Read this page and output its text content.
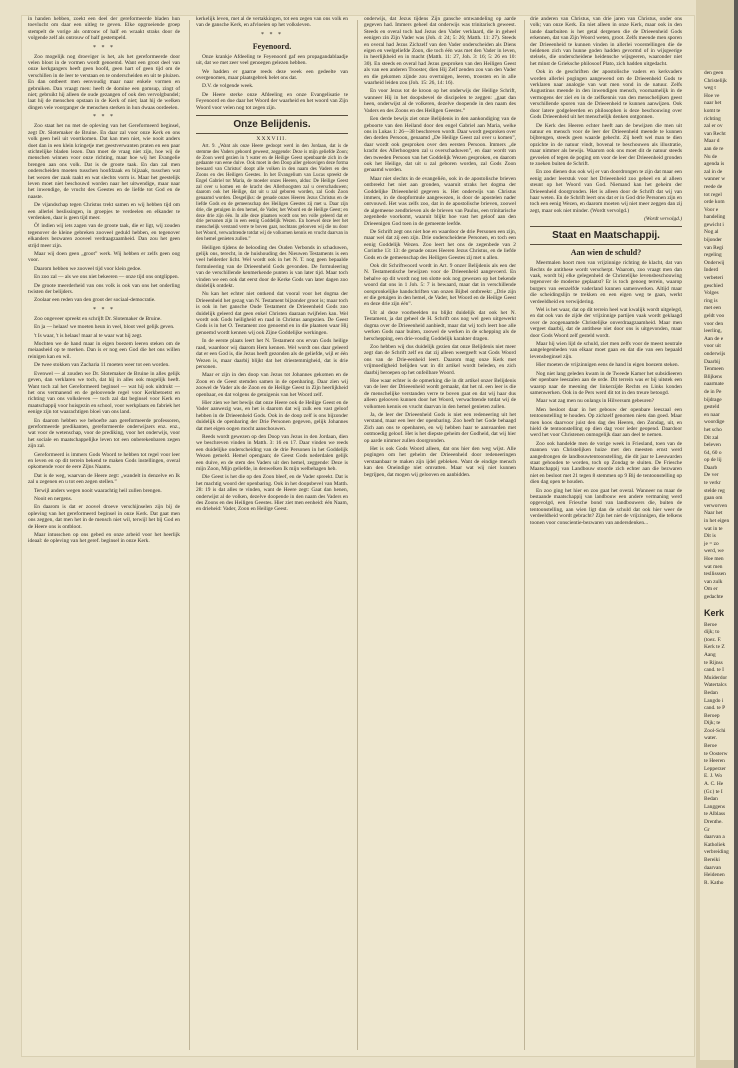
in handen hebben, zoekt een deel der gereformeerde bladen hun toevlucht om daar een uitleg te geven. Elke opgroeiende groep stempelt de vorige als ontrouw of half en wraakt straks door de volgende zelf als ontrouw of half gestempeld.

* * *

Zoo mogelijk nog droeviger is het, als het gereformeerde door velen bloot in de vormen wordt genoemd. Want een groot deel van onze kerkgangers heeft geen hoofd, geen hart of geen tijd om de verschillen in de leer te verstaan en te onderscheiden en uit te pluizen. En dan ontbeert men eenvoudig maar naar enkele vormen en gebruiken. Dan vraagt men: heeft de domine een gomsup, zingt of niet; gebruikt hij alleen de oude gezangen of ook den vervolgbundel; laat hij de menschen opstaan in de Kerk of niet; laat hij de welken dingen vele voorganger de menschen sterken in hun dwaas oordeelen.

* * *

Zoo staat het nu met de opleving van het Gereformeerd beginsel, zegt Dr. Slotemaker de Bruine. En daar zal voor onze Kerk en ons volk geen heil uit voortkomen. Dat kan men niet, wie nooit anders doet dan in een klein kringetje met geestverwanten praten en een paar stichtelijke bladen lezen. Dan moet de vraag niet zijn, hoe wij de menschen winnen voor onze richting, maar hoe wij het Evangelie brengen aan ons volk. Dat is de groote taak. En dan zal men onderscheiden moeten tusschen hoofdzaak en bijzaak, tusschen wat het wezen der zaak raakt en wat slechts vorm is. Maar het geestelijk leven moet niet beschouwd worden naar het uitwendige, maar naar het inwendige, de vrucht des Geestes en de liefde tot God en de naaste.

De vijandschap tegen Christus trekt samen en wij hebben tijd om een allerlei beslissingen, in groepjes te verdeelen en elkander te verdenken, daar is geen tijd meer.

Ö! indien wij iets zagen van de groote taak, die er ligt, wij zouden tegenover de kleine gebreken zooveel geduld hebben, en tegenover elkanders bezwaren zooveel verdraagzaamheid. Dan zou het geen strijd meer zijn.

Maar wij doen geen „groot” werk. Wij hebben er zelfs geen oog voor.

Daarom hebben we zooveel tijd voor klein gedoe.

En zoo zal — als we ons niet bekeeren — onze tijd ons ontglippen.

De groote meerderheid van ons volk is ook van ons het onderling twisten der belijders.

Zoolaar een reden van den groot der sociaal-democratie.

* * *

Zoo ongeveer spreekt en schrijft Dr. Slotemaker de Bruine.

En ja — helaas! we moeten heun in veel, bloot veel gelijk geven.

't Is waar, 't is helaas! maar al te waar wat hij zegt.

Mochten we de hand maar in eigen boezem leeren steken om de meiaasheid op te merken. Dan is er nog een God die het ons willen reinigen kan en wil.

De twee stokken van Zacharia 11 moeten weer tot een worden.

Evenwel — al zouden we Dr. Slotemaker de Bruine in alles gelijk geven, dan verklaren we toch, dat hij in alles ook mogelijk heeft. Want toch zal het Gereformeerd beginsel — wat hij ook uitdrukt — het ons vermanend en de geloovende regel voor Kerkbetoetst en richting van ons volksleven — toch zal dat beginsel voor Kerk en maatschappij voor huisgezin en school, voor werkplaats en fabriek het eenige zijn tot waarachtigen bloei van ons land.

En daarom hebben we behoefte aan gereformeerde professoren, gereformeerde predikanten, gereformeerde onderwijzers enz. enz., wat voor de wetenschap, voor de prediking, voor het onderwijs, voor het sociale en maatschappelijke leven tot een onberekenbaren zegen zijn zal.

Gereformeerd is immers Gods Woord te hebben tot regel voor leer en leven en op dit terrein bekend te maken Gods instellingen, overal opkomende voor de eere Zijns Naams.

Dat is de weg, waarvan de Heere zegt: „wandelt in denzelve en Ik zal u zegenen en u tot een zegen stellen.”

Terwijl anders wegen nooit waarachtig heil zullen brengen.

Nooit en nergens.

En daarom is dat er zoovel droeve verschijnselen zijn bij de opleving van het gereformeerd beginsel in onze Kerk. Dat gaat men ons zeggen, dat men het in de mensch niet wil, terwijl het bij God en de Heere ons is ontbloot.

Maar intusschen op ons gebed en onze arbeid voor het heerlijk ideaal: de opleving van het geref. beginsel in onze Kerk.

kerkelijk leven, met al de vertakkingen, tot een zegen van ons volk en van de gansche Kerk, en afvloeien op het volksleven.

* * *
Feyenoord.

Onze krankje Afdeeling te Feyenoord gaf een propagandablaadje uit, dat we met zeer veel genoegen gelezen hebben.

We hadden er gaarne reeds deze week een gedeelte van overgenomen, maar plaatsgebrek belet ons dat.

D.V. de volgende week.

De Heere sterke onze Afdeeling en onze Evangelisatie te Feyenoord en doe daar het Woord der waarheid en het woord van Zijn Woord voor velen nog tot zegen zijn.

Onze Belijdenis.
XXXVIII.

Art. 9. „Want als onze Heere gedoopt werd in den Jordaan, dat is de stemme des Vaders gehoord geweest, zeggende: Deze is mijn geliefde Zoon; de Zoon werd gezien in 't water en de Heilige Geest openbaarde zich in de gedaante van eene duive. Ook moet in den Doop aller geloovigen deze forma bewaard van Christus' doopt alle volken in den naam des Vaders en des Zoons en des Heiligen Geestes. In het Evangelium van Lucas spreekt de Engel Gabriel tot Maria, de moeder onzes Heeren, aldus: De Heilige Geest zal over u komen en de kracht des Allerhoogsten zal u overschaduwen; daarom ook het Heilige, dat uit u zal geboren worden, zal Gods Zoon genaamd worden. Desgelijks: de genade onzes Heeren Jezus Christus en de liefde Gods en de gemeenschap des Heiligen Geestes zij met u. Daar zijn drie, die getuigen in den hemel, de Vader, het Woord en de Heilige Geest; en deze drie zijn één. In alle deze plaatsen wordt ons ten volle geleerd dat er drie personen zijn in een eenig Goddelijk Wezen. En hoewel deze leer het menschelijk verstand verre te boven gaat, nochtans gelooven wij die nu door het Woord, verwachtende totdat wij de volkomen kennis en vrucht daarvan in den hemel genieten zullen.”

Heiligen tijdens de belooding des Ouden Verbonds in schaduwen, gelijk ons, terecht, in de huishouding des Nieuwen Testaments is een veel helderder licht. Wel wordt ook in het N. T. nog geen bepaalde formuleering van de Drieeenheid Gods gevonden. De formuleering van de verschillende kenmerkende punten is van later tijd. Maar toch vinden we een ook dat eerst door de Kerke Gods van later dagen zoo duidelijk ontdekt.

Nu kan het echter niet ontkend dat vooral voor het dogma der Drieeenheid het gezag van N. Testament bijzonder groot is; maar toch is ook in het gansche Oude Testament de Drieeenheid Gods zoo duidelijk geleerd dat geen enkel Christen daaraan twijfelen kan. Wel wordt ook Gods heiligheid en raad in Christus aangezien. De Geest Gods is in het O. Testament zoo genoemd en in die plaatsen waar Hij genoemd wordt kennen wij ook Zijne Goddelijke werkingen.

In de eerste plaats leert het N. Testament ons ervan Gods heilige raad, waardoor wij daarom Hem kennen. Wel wordt ons daar geleerd dat er een God is, die Jezus heeft gezonden als de geliefde, wijl er één Wezen is, maar daarbij blijkt dat het driestemmigheid, dat is drie personen.

Maar er zijn in den doop van Jezus tot Johannes gekomen en de Zoon en de Geest stemden samen in de openbaring. Daar zien wij zoowel de Vader als de Zoon en de Heilige Geest in Zijn heerlijkheid openbaar, en dat volgens de getuigenis van het Woord zelf.

Hier zien we het bewijs dat onze Heere ook de Heilige Geest en de Vader aanwezig was, en het is daarom dat wij zulk een vast geloof hebben in de Drieeenheid Gods. Ook in de doop zelf is ons bijzonder duidelijk de openbaring der Drie Personen gegeven, gelijk Johannes dat met eigen oogen mocht aanschouwen.

Reeds wordt gewezen op den Doop van Jezus in den Jordaan, dien we beschreven vinden in Matth. 3: 16 en 17. Daar vinden we reeds een duidelijke onderscheiding van de drie Personen in het Goddelijk Wezen gemeld. Hemel opengaan; de Geest Gods nederdalen gelijk een duive, en de stem des Vaders uit den hemel, zeggende: Deze is mijn Zoon, Mijn geliefde, in denwelken Ik mijn welbehagen heb.

Die Geest is het die op den Zoon bleef, en de Vader spreekt. Dat is het machtig woord der openbaring. Ook in het doopsbevel van Matth. 28: 19 is dat alles te vinden, want de Heere zegt: Gaat dan henen, onderwijst al de volken, dezelve doopende in den naam des Vaders en des Zoons en des Heiligen Geestes. Hier ziet men eenheid: één Naam, en drieheid: Vader, Zoon en Heilige Geest.

onderwijs, dat Jezus tijdens Zijn gansche omwandeling op aarde gegeven had. Immers geheel dat onderwijs was trinitarisch geweest. Steeds en overal toch had Jezus den Vader verklaard, die in geheel eenigen zin Zijn Vader was (Joh. 4: 24; 5: 26; Matth. 11: 27). Steeds en overal had Jezus Zichzelf van den Vader onderscheiden als Diens eigen en veelgeliefde Zoon, die toch één was met den Vader in leven, in heerlijkheid en in macht (Matth. 11: 27, Joh. 3: 16; 5: 26 en 10: 30). En steeds en overal had Jezus gesproken van den Heiligen Geest als van een anderen Trooster, dien Hij Zelf zenden zou van den Vader en die gekomen zijnde zou overtuigen, leeren, troosten en in alle waarheid leiden zou (Joh. 15: 26, 14: 16).

En voor Jezus tot de kroon op het onderwijs der Heilige Schrift, wanneer Hij in het doopsbevel de discipelen te zeggen: „gaat dan heen, onderwijst al de volkeren, dezelve doopende in den naam des Vaders en des Zoons en des Heiligen Geestes.”

Een derde bewijs ziet onze Belijdenis in den aankondiging van de geboorte van den Heiland door den engel Gabriel aan Maria, welke ons in Lukas 1: 26—38 beschreven wordt. Daar wordt gesproken over den derden Persoon, genaamd „De Heilige Geest zal over u komen”, daar wordt ook gesproken over den eersten Persoon. Immers „de kracht des Allerhoogsten zal u overschaduwen”, en daar wordt van den tweeden Persoon van het Goddelijk Wezen gesproken, en daarom ook het Heilige, dat uit u zal geboren worden, zal Gods Zoon genaamd worden.

Maar niet slechts in de evangeliën, ook in de apostolische brieven ontbreekt het niet aan gronden, waaruit straks het dogma der Goddelijke Drieeenheid gegeven is. Het onderwijs van Christus immers, in de doopformule aangewezen, is door de apostelen nader ontvouwd. Het was zelfs zoo, dat in de apostolische brieven, zoowel de algemeene zendbrieven als de brieven van Paulus, een trinitarische zegenbede voorkomt, waaruit blijkt hoe vast het geloof aan den Drieeenigen God toen in de gemeente leefde.

De Schrift zegt ons niet hoe en waardoor de drie Personen een zijn, maar wel dat zij een zijn. Drie onderscheidene Personen, en toch een eenig Goddelijk Wezen. Zoo leert het ons de zegenbede van 2 Corinthe 13: 13: de genade onzes Heeren Jezus Christus, en de liefde Gods en de gemeenschap des Heiligen Geestes zij met u allen.

Ook dit Schriftwoord wordt in Art. 9 onzer Belijdenis als een der N. Testamentische bewijzen voor de Drieeenheid aangevoerd. En behalve op dit wordt nog ten slotte ook nog gewezen op het bekende woord dat ons in 1 Joh. 5: 7 is bewaard, maar dat in verschillende oorspronkelijke handschriften van onzen Bijbel ontbreekt: „Drie zijn er die getuigen in den hemel, de Vader, het Woord en de Heilige Geest en deze drie zijn één”.

Uit al deze voorbeelden nu blijkt duidelijk dat ook het N. Testament, ja dat geheel de H. Schrift ons nog wel geen uitgewerkt dogma over de Drieeenheid aanbiedt, maar dat wij toch leert hoe alle werken Gods naar buiten, zoowel de werken in de schepping als de herschepping, een drie-voudig Goddelijk karakter dragen.

Zoo hebben wij dus duidelijk gezien dat onze Belijdenis niet meer zegt dan de Schrift zelf en dat zij alleen weergeeft wat Gods Woord ons van de Drie-eenheid leert. Daarom mag onze Kerk met vrijmoedigheid belijden wat in dit artikel wordt beleden, en zich daarbij beroepen op het onfeilbare Woord.

Hoe waar echter is de opmerking die in dit artikel onzer Belijdenis van de leer der Drieeenheid wordt gemaakt, dat het nl. een leer is die de menschelijke verstanden verre te boven gaat en dat wij haar dus alleen gelooven kunnen door het Woord, verwachtende totdat wij de volkomen kennis en vrucht daarvan in den hemel genieten zullen.

Ja, de leer der Drieeenheid Gods is niet een redeneering uit het verstand, maar een leer der openbaring. Zoo heeft het Gode behaagd Zich aan ons te openbaren, en wij hebben haar te aanvaarden met ootmoedig geloof. Het is het diepste geheim der Godheid, dat wij hier op aarde nimmer zullen doorgronden.

Het is ook Gods Woord alleen, dat ons hier den weg wijst. Alle pogingen om het geheim der Drieeenheid door redeneeringen verstaanbaar te maken zijn ijdel gebleken. Want de eindige mensch kan den Oneindige niet omvatten. Maar wat wij niet kunnen begrijpen, dat mogen wij gelooven en aanbidden.

drie anderen van Christus, van drie jaren van Christus, onder ons volk; van onze Kerk. En niet alleen in onze Kerk, maar ook in den lande daarbuiten is het getal dergenen die de Drieeenheid Gods erkennen, dat van Zijn Woord weten, groot. Zelfs meende men sporen der Drieeenheid te kunnen vinden in allerlei voorstellingen die de heidenen zich van hunne goden hadden gevormd of in wijsgeerige stelsels, die onderscheidene heidensche wijsgeeren, waaronder niet het minst de Grieksche philosoof Plato, zich hadden uitgedacht.

Ook in de geschriften der apostolische vaders en kerkvaders worden allerlei pogingen aangewend om de Drieeenheid Gods te verklaren naar analogie van wat men vond in de natuur. Zelfs Augustinus meende in den inwendigen mensch, voornamelijk in de vermogens der ziel en in de zelfkennis van den menschelijken geest verschillende sporen van de Drieeenheid te kunnen aanwijzen. Ook door latere godgeleerden en philosophen is deze beschouwing over Gods Drieeenheid uit het menschelijk denken ontgonnen.

De Kerk des Heeren echter heeft aan de bewijzen die men uit natuur en mensch voor de leer der Drieeenheid meende te kunnen bijbrengen, steeds geen waarde gehecht. Zij heeft wel man te dien opzichte in de natuur vindt, bovenal te beschouwen als illustratie, maar nimmer als bewijs. Waarom ook ons moet dit de natuur steeds gevoelen of tegen de poging om voor de leer der Drieeenheid gronden te zoeken buiten de Schrift.

En zoo dienen dus ook wij er van doordrongen te zijn dat maar een eenig ander leerstuk voor het Drieeenheid zoo geheel en al alleen steunt op het Woord van God. Niemand kan het geheim der Drieeenheid doorgronden. Het is alleen door de Schrift dat wij van haar weten. En de Schrift leert ons dat er in God drie Personen zijn en toch een eenig Wezen, en daarom moeten wij niet meer zeggen dan zij zegt, maar ook niet minder. (Wordt vervolgd.)

(Wordt vervolgd.)
Staat en Maatschappij.
Aan wien de schuld?

Meermalen hoort men van vrijzinnige richting de klacht, dat van Rechts de antithese wordt verscherpt. Waarom, zoo vraagt men dan vaak, wordt bij elke gelegenheid de Christelijke levensbeschouwing tegenover de moderne geplaatst? Er is toch genoeg terrein, waarop burgers van eenzelfde vaderland kunnen samenwerken. Altijd maar die scheidingslijn te trekken en een eigen weg te gaan, werkt verdeeldheid en verwijdering.

Wel is het waar, dat op dit terrein heel wat kwalijk wordt uitgelegd, en dat ook van de zijde der vrijzinnige partijen vaak wordt geklaagd over de zoogenaamde Christelijke onverdraagzaamheid. Maar men vergeet daarbij, dat de antithese niet door ons is uitgevonden, maar door Gods Woord zelf gesteld wordt.

Maar hij wien lijd de schuld, ziet men zelfs voor de meest neutrale aangelegenheden van elkaar moet gaan en dat die van een bepaald levensbeginsel zijn.

Hier moeten de vrijzinnigen eens de hand in eigen boezem steken.

Nog niet lang geleden kwam in de Tweede Kamer het subsidieeren der openbare leeszalen aan de orde. Dit terrein was er bij uitstek een waarop naar de meening der linkerzijde Rechts en Links konden samenwerken. Ook in de Pers werd dit tot in den treure betoogd.

Maar wat zag men nu onlangs in Hilversum gebeuren?

Men besloot daar in het gebouw der openbare leeszaal een tentoonstelling te houden. Op zichzelf genomen niets dan goed. Maar men koos daarvoor juist den dag des Heeren, den Zondag, uit, en hield de tentoonstelling op dien dag voor ieder geopend. Daardoor werd het voor Christenen onmogelijk daar aan deel te nemen.

Zoo ook handelde men de vorige week in Friesland, toen van de mannen van Christelijken huize met den meesten ernst werd aangedrongen de landbouwtentoonstelling, die dit jaar te Leeuwarden staat gehouden te worden, toch op Zondag te sluiten. De Friesche Maatschappij van Landbouw stoorde zich echter aan die bezwaren niet en besloot met 21 tegen 8 stemmen op 9 Bij de tentoonstelling op dien dag open te houden.

En zoo ging het hier en zoo gaat het overal. Wanneer nu maar de bestaande maatschappij van landbouw een andere vermaning werd opgevolgd, een Friesche bond van landbouwers die, buiten de tentoonstelling, aan wien ligt dan de schuld dat ook hier weer de verdeeldheid wordt gebracht? Zijn het niet de vrijzinnigen, die telkens toonen voor conscientie-bezwaren van andersdenken...

den geen
Christelijk
weg t
Hoe ve
naar het
komt te
richting
zal er ov
van Recht
Maar d
aan de re
Nu de
agenda is
zal in de
wanner w
reede de
tot regel
orde kom
Voor e
handeling
gewicht i
Nog al
bijonder
van Regi
regeling
Onderwij
Inderd
verbeteri
geschied
Volges
ring is
met een
geldt voo
voor den
leerling,
Aan de e
voor uit
onderwijs
Daarbij
Tenmeen
Blijkens
naarmate
de in Pe
bijdrage
gesteld
en naar
woordige
het scho
Dit zal
beleven
64, 60 o
op de lij
Daarb
De ver
te verkr
stelde reg
gaan om
verworven
Naar het
in het eigen
wat in te
Dit is
je = zo
werd, we
Hoe men
wat men
tesllisssen
van zulk
Om er
gedachte
Kerk
Beroe
dijk; to
(toez. F.
Kerk te Z
Aang
te Rijnss
cand. te I
Muiderdor
Watertalcs
Bedan
Langdo i
cand. te P
Beroep
Dijk; te
Zool-Schi
water.
Beroe
te Oosterw
te Heeren
Lepperzer
E. J. Wo
A. C. He
(Gr.) te I
Bedan
Langgens
te Alblass
Drenthe.
Gr
daarvan a
Katholiek
verbreiding
Bereiki
daarvan
Heidenen
R. Katho
